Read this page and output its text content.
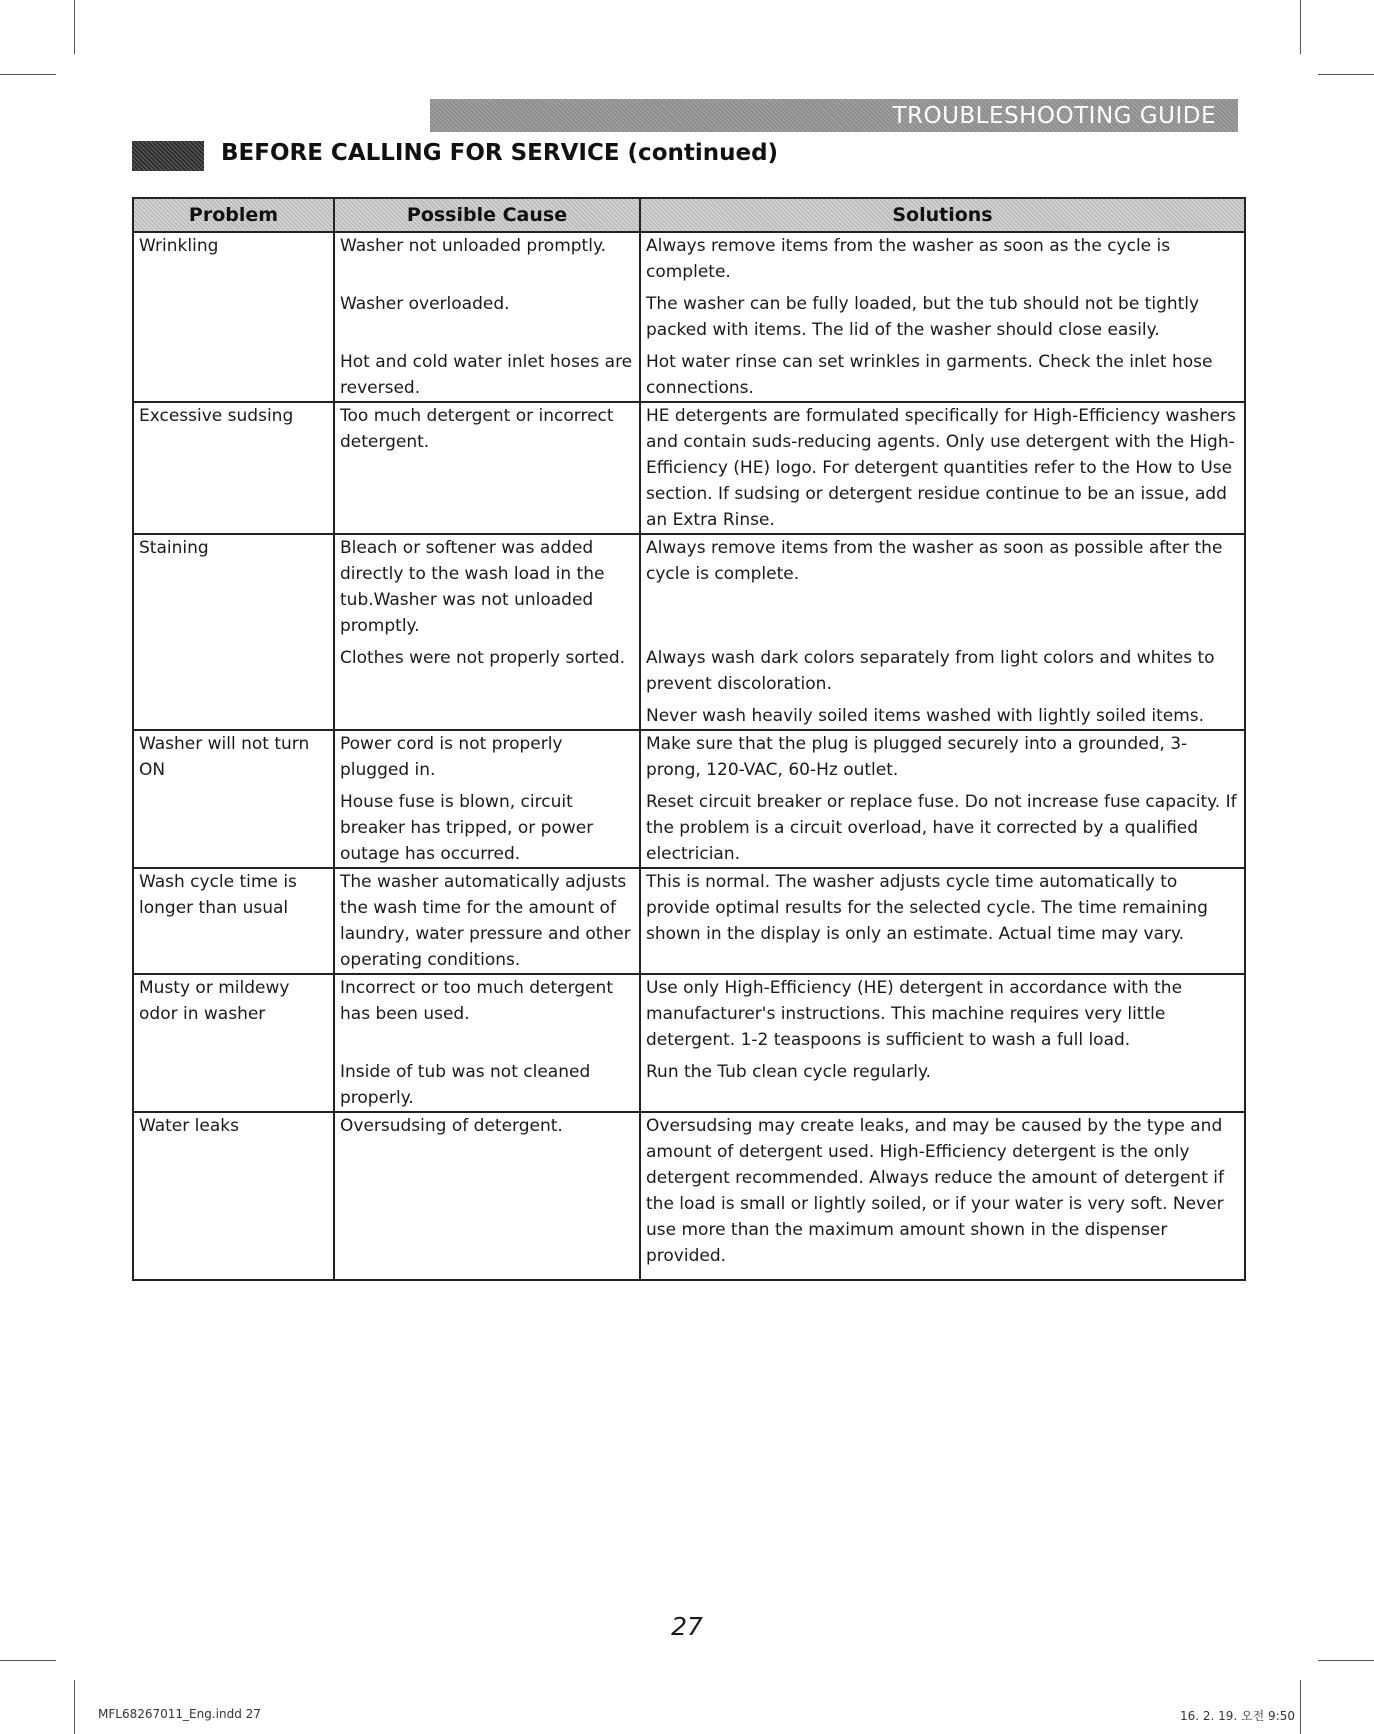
TROUBLESHOOTING GUIDE
BEFORE CALLING FOR SERVICE (continued)
Problem	Possible Cause	Solutions
Wrinkling	Washer not unloaded promptly.	Always remove items from the washer as soon as the cycle is complete.
	Washer overloaded.	The washer can be fully loaded, but the tub should not be tightly packed with items. The lid of the washer should close easily.
	Hot and cold water inlet hoses are reversed.	Hot water rinse can set wrinkles in garments. Check the inlet hose connections.
Excessive sudsing	Too much detergent or incorrect detergent.	HE detergents are formulated specifically for High-Efficiency washers and contain suds-reducing agents. Only use detergent with the High-Efficiency (HE) logo. For detergent quantities refer to the How to Use section. If sudsing or detergent residue continue to be an issue, add an Extra Rinse.
Staining	Bleach or softener was added directly to the wash load in the tub.Washer was not unloaded promptly.	Always remove items from the washer as soon as possible after the cycle is complete.
	Clothes were not properly sorted.	Always wash dark colors separately from light colors and whites to prevent discoloration.
		Never wash heavily soiled items washed with lightly soiled items.
Washer will not turn ON	Power cord is not properly plugged in.	Make sure that the plug is plugged securely into a grounded, 3-prong, 120-VAC, 60-Hz outlet.
	House fuse is blown, circuit breaker has tripped, or power outage has occurred.	Reset circuit breaker or replace fuse. Do not increase fuse capacity. If the problem is a circuit overload, have it corrected by a qualified electrician.
Wash cycle time is longer than usual	The washer automatically adjusts the wash time for the amount of laundry, water pressure and other operating conditions.	This is normal. The washer adjusts cycle time automatically to provide optimal results for the selected cycle. The time remaining shown in the display is only an estimate. Actual time may vary.
Musty or mildewy odor in washer	Incorrect or too much detergent has been used.	Use only High-Efficiency (HE) detergent in accordance with the manufacturer's instructions. This machine requires very little detergent. 1-2 teaspoons is sufficient to wash a full load.
	Inside of tub was not cleaned properly.	Run the Tub clean cycle regularly.
Water leaks	Oversudsing of detergent.	Oversudsing may create leaks, and may be caused by the type and amount of detergent used. High-Efficiency detergent is the only detergent recommended. Always reduce the amount of detergent if the load is small or lightly soiled, or if your water is very soft. Never use more than the maximum amount shown in the dispenser provided.
27
MFL68267011_Eng.indd 27	16. 2. 19. 오전 9:50
